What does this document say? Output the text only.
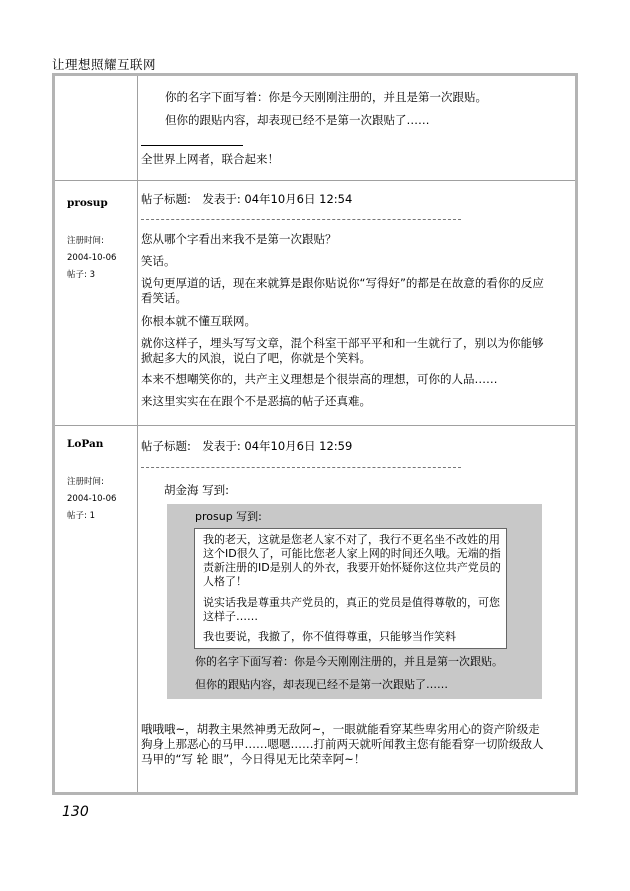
让理想照耀互联网
你的名字下面写着：你是今天刚刚注册的，并且是第一次跟贴。
但你的跟贴内容，却表现已经不是第一次跟贴了……
全世界上网者，联合起来！
prosup
注册时间:
2004-10-06
帖子: 3
帖子标题:　发表于: 04年10月6日 12:54
您从哪个字看出来我不是第一次跟贴？
笑话。
说句更厚道的话，现在来就算是跟你贴说你“写得好”的都是在故意的看你的反应看笑话。
你根本就不懂互联网。
就你这样子，埋头写写文章，混个科室干部平平和和一生就行了，别以为你能够掀起多大的风浪，说白了吧，你就是个笑料。
本来不想嘲笑你的，共产主义理想是个很崇高的理想，可你的人品……
来这里实实在在跟个不是恶搞的帖子还真难。
LoPan
注册时间:
2004-10-06
帖子: 1
帖子标题:　发表于: 04年10月6日 12:59
胡金海 写到:
prosup 写到:
我的老天，这就是您老人家不对了，我行不更名坐不改姓的用这个ID很久了，可能比您老人家上网的时间还久哦。无端的指责新注册的ID是别人的外衣，我要开始怀疑你这位共产党员的人格了！
说实话我是尊重共产党员的，真正的党员是值得尊敬的，可您这样子……
我也要说，我撤了，你不值得尊重，只能够当作笑料
你的名字下面写着：你是今天刚刚注册的，并且是第一次跟贴。
但你的跟贴内容，却表现已经不是第一次跟贴了……
哦哦哦~，胡教主果然神勇无敌阿~，一眼就能看穿某些卑劣用心的资产阶级走狗身上那恶心的马甲……嗯嗯……打前两天就听闻教主您有能看穿一切阶级敌人马甲的“写 轮 眼”，今日得见无比荣幸阿~！
130
